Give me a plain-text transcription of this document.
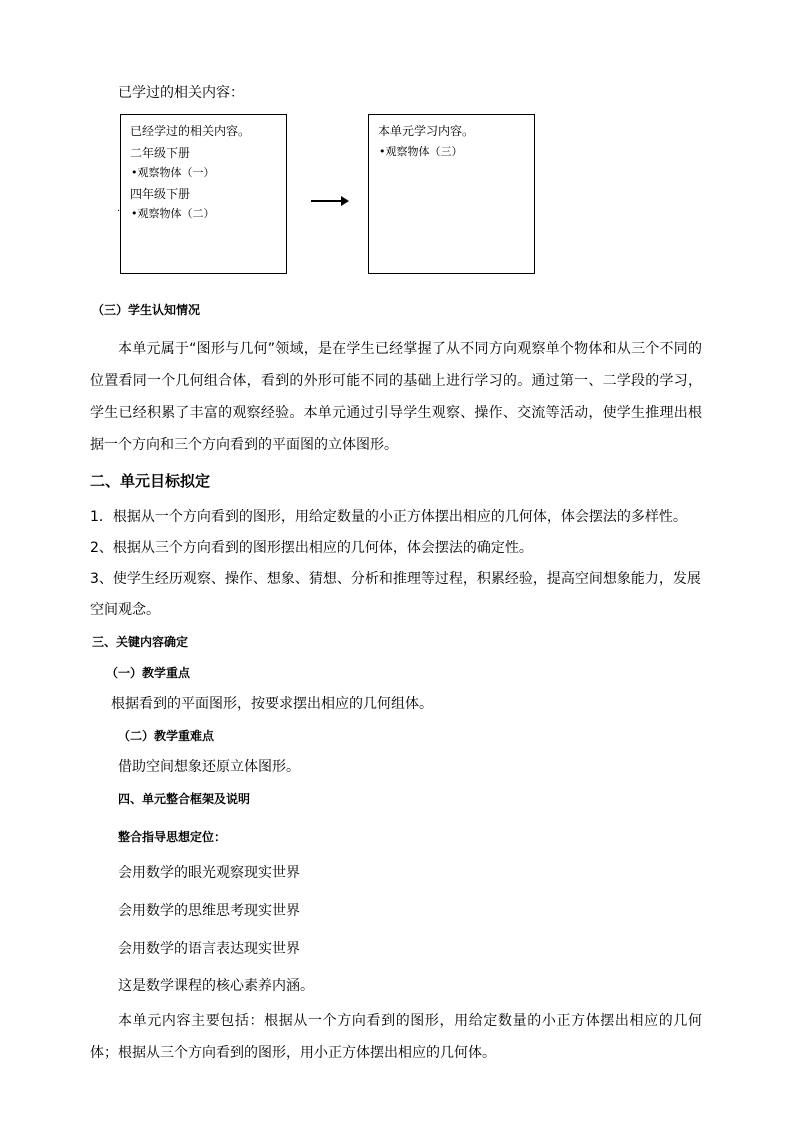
已学过的相关内容：
已经学过的相关内容。
二年级下册
•观察物体（一）
四年级下册
•观察物体（二）
·
本单元学习内容。
•观察物体（三）
（三）学生认知情况
本单元属于“图形与几何”领域，是在学生已经掌握了从不同方向观察单个物体和从三个不同的位置看同一个几何组合体，看到的外形可能不同的基础上进行学习的。通过第一、二学段的学习，学生已经积累了丰富的观察经验。本单元通过引导学生观察、操作、交流等活动，使学生推理出根据一个方向和三个方向看到的平面图的立体图形。
二、单元目标拟定
1．根据从一个方向看到的图形，用给定数量的小正方体摆出相应的几何体，体会摆法的多样性。
2、根据从三个方向看到的图形摆出相应的几何体，体会摆法的确定性。
3、使学生经历观察、操作、想象、猜想、分析和推理等过程，积累经验，提高空间想象能力，发展
空间观念。
三、关键内容确定
（一）教学重点
根据看到的平面图形，按要求摆出相应的几何组体。
（二）教学重难点
借助空间想象还原立体图形。
四、单元整合框架及说明
整合指导思想定位：
会用数学的眼光观察现实世界
会用数学的思维思考现实世界
会用数学的语言表达现实世界
这是数学课程的核心素养内涵。
本单元内容主要包括：根据从一个方向看到的图形，用给定数量的小正方体摆出相应的几何体；根据从三个方向看到的图形，用小正方体摆出相应的几何体。
